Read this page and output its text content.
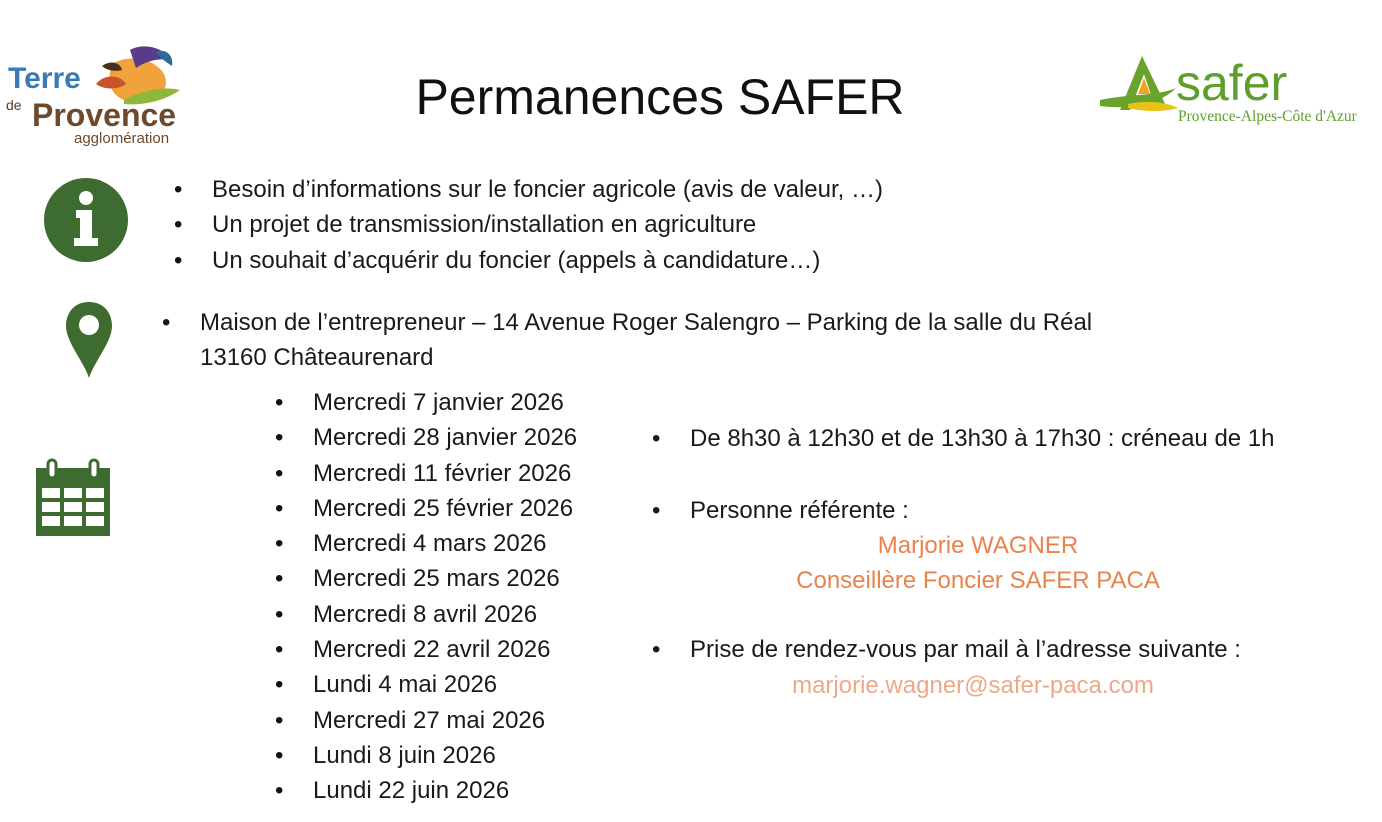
Terre
de Provence
agglomération
safer
Provence-Alpes-Côte d'Azur
Permanences SAFER
• Besoin d’informations sur le foncier agricole (avis de valeur, …)
• Un projet de transmission/installation en agriculture
• Un souhait d’acquérir du foncier (appels à candidature…)
• Maison de l’entrepreneur – 14 Avenue Roger Salengro – Parking de la salle du Réal
13160 Châteaurenard
• Mercredi 7 janvier 2026
• Mercredi 28 janvier 2026
• Mercredi 11 février 2026
• Mercredi 25 février 2026
• Mercredi 4 mars 2026
• Mercredi 25 mars 2026
• Mercredi 8 avril 2026
• Mercredi 22 avril 2026
• Lundi 4 mai 2026
• Mercredi 27 mai 2026
• Lundi 8 juin 2026
• Lundi 22 juin 2026
• De 8h30 à 12h30 et de 13h30 à 17h30 : créneau de 1h
• Personne référente :
Marjorie WAGNER
Conseillère Foncier SAFER PACA
• Prise de rendez-vous par mail à l’adresse suivante :
marjorie.wagner@safer-paca.com
